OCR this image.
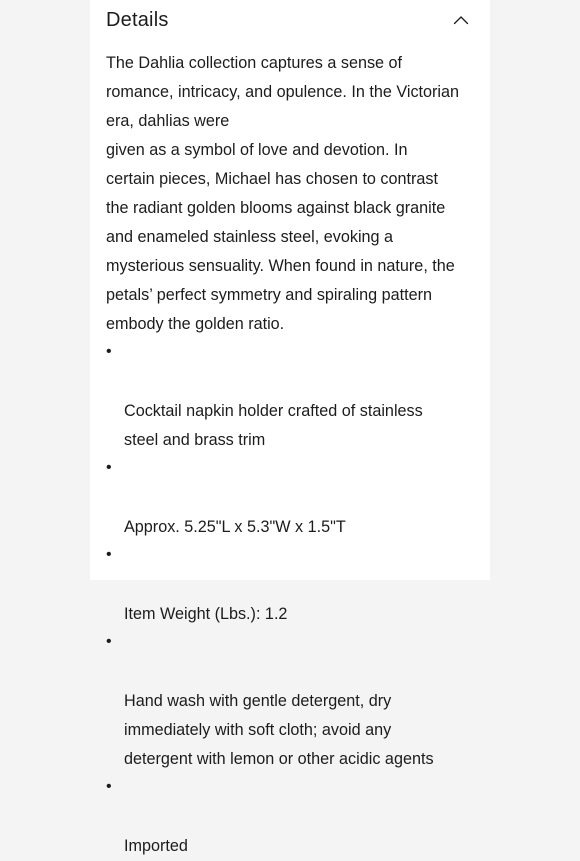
Details

The Dahlia collection captures a sense of
romance, intricacy, and opulence. In the Victorian
era, dahlias were
given as a symbol of love and devotion. In
certain pieces, Michael has chosen to contrast
the radiant golden blooms against black granite
and enameled stainless steel, evoking a
mysterious sensuality. When found in nature, the
petals’ perfect symmetry and spiraling pattern
embody the golden ratio.

•

Cocktail napkin holder crafted of stainless
steel and brass trim

•

Approx. 5.25"L x 5.3"W x 1.5"T

•

Item Weight (Lbs.): 1.2

•

Hand wash with gentle detergent, dry
immediately with soft cloth; avoid any
detergent with lemon or other acidic agents

•

Imported
